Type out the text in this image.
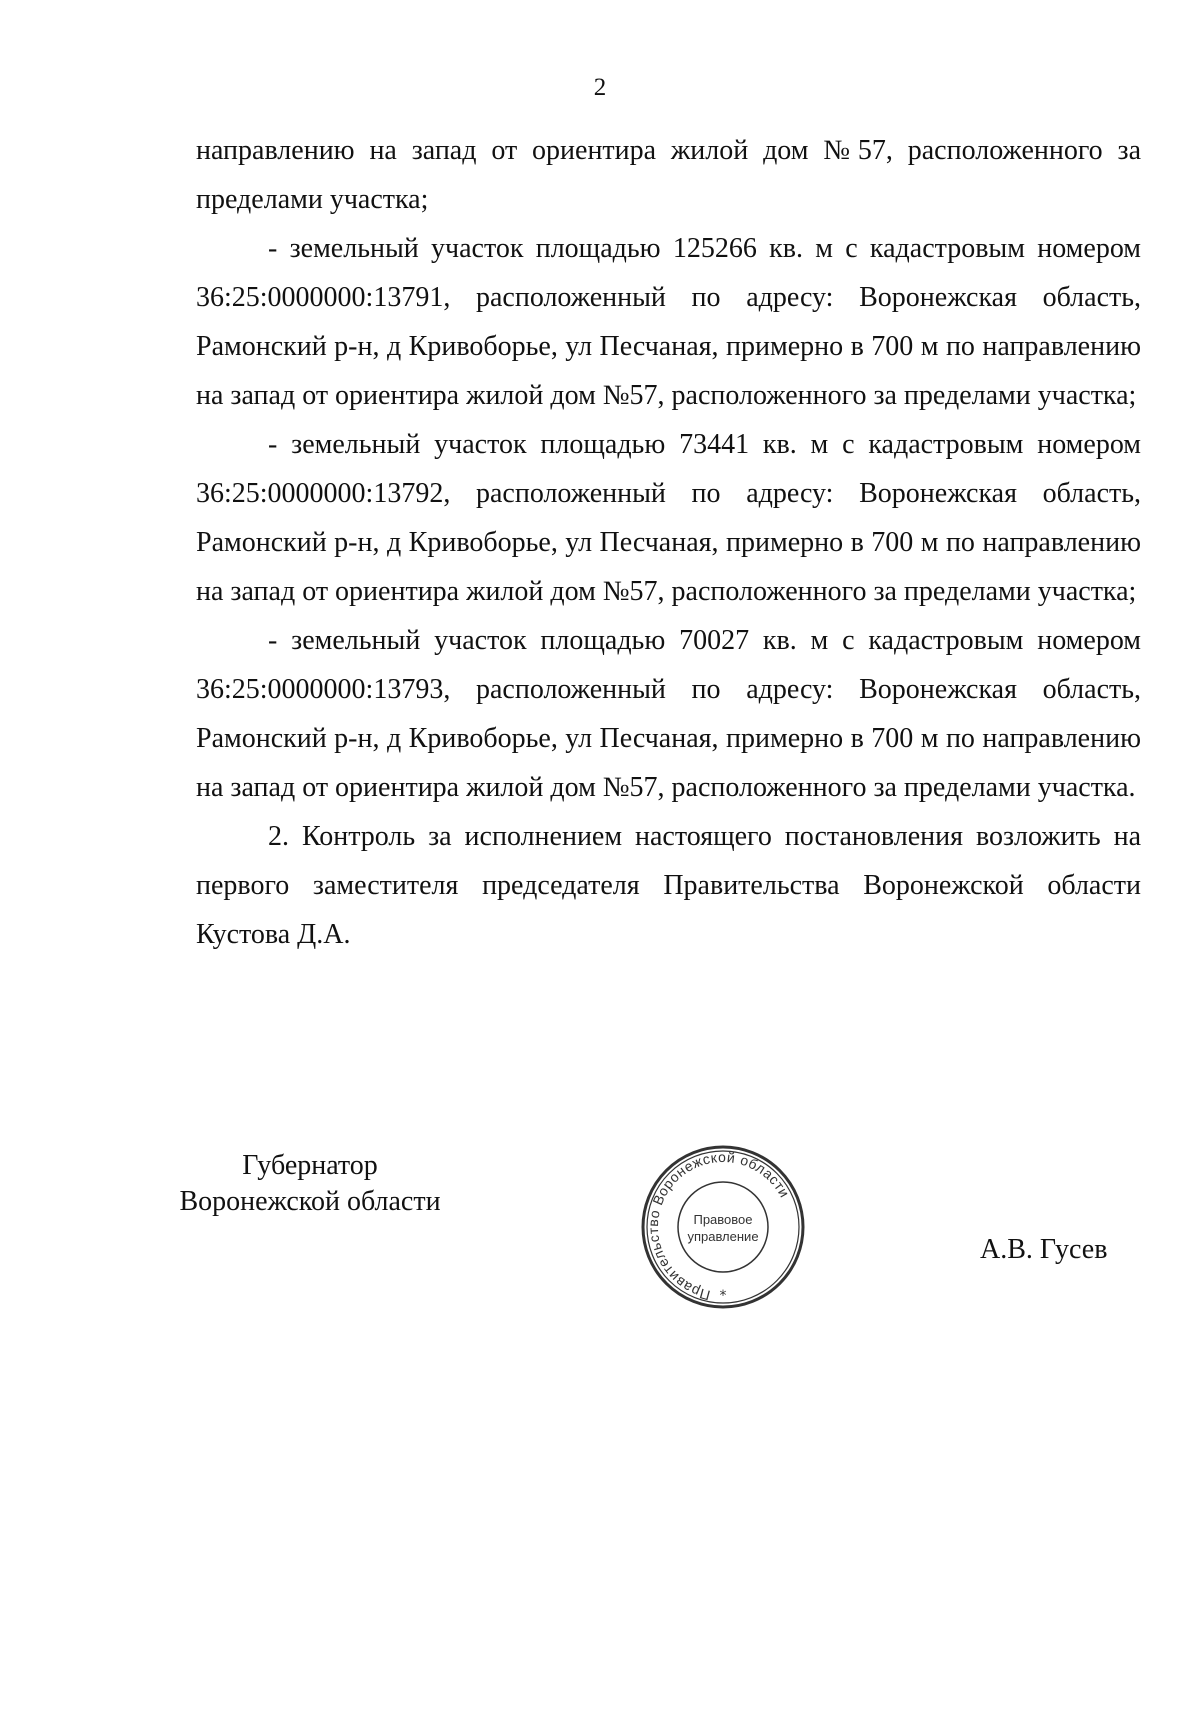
2

направлению на запад от ориентира жилой дом №57, расположенного за пределами участка;

- земельный участок площадью 125266 кв. м с кадастровым номером 36:25:0000000:13791, расположенный по адресу: Воронежская область, Рамонский р-н, д Кривоборье, ул Песчаная, примерно в 700 м по направлению на запад от ориентира жилой дом №57, расположенного за пределами участка;

- земельный участок площадью 73441 кв. м с кадастровым номером 36:25:0000000:13792, расположенный по адресу: Воронежская область, Рамонский р-н, д Кривоборье, ул Песчаная, примерно в 700 м по направлению на запад от ориентира жилой дом №57, расположенного за пределами участка;

- земельный участок площадью 70027 кв. м с кадастровым номером 36:25:0000000:13793, расположенный по адресу: Воронежская область, Рамонский р-н, д Кривоборье, ул Песчаная, примерно в 700 м по направлению на запад от ориентира жилой дом №57, расположенного за пределами участка.

2. Контроль за исполнением настоящего постановления возложить на первого заместителя председателя Правительства Воронежской области Кустова Д.А.

Губернатор
Воронежской области
Правительство Воронежской области
Правовое
управление
*
А.В. Гусев
